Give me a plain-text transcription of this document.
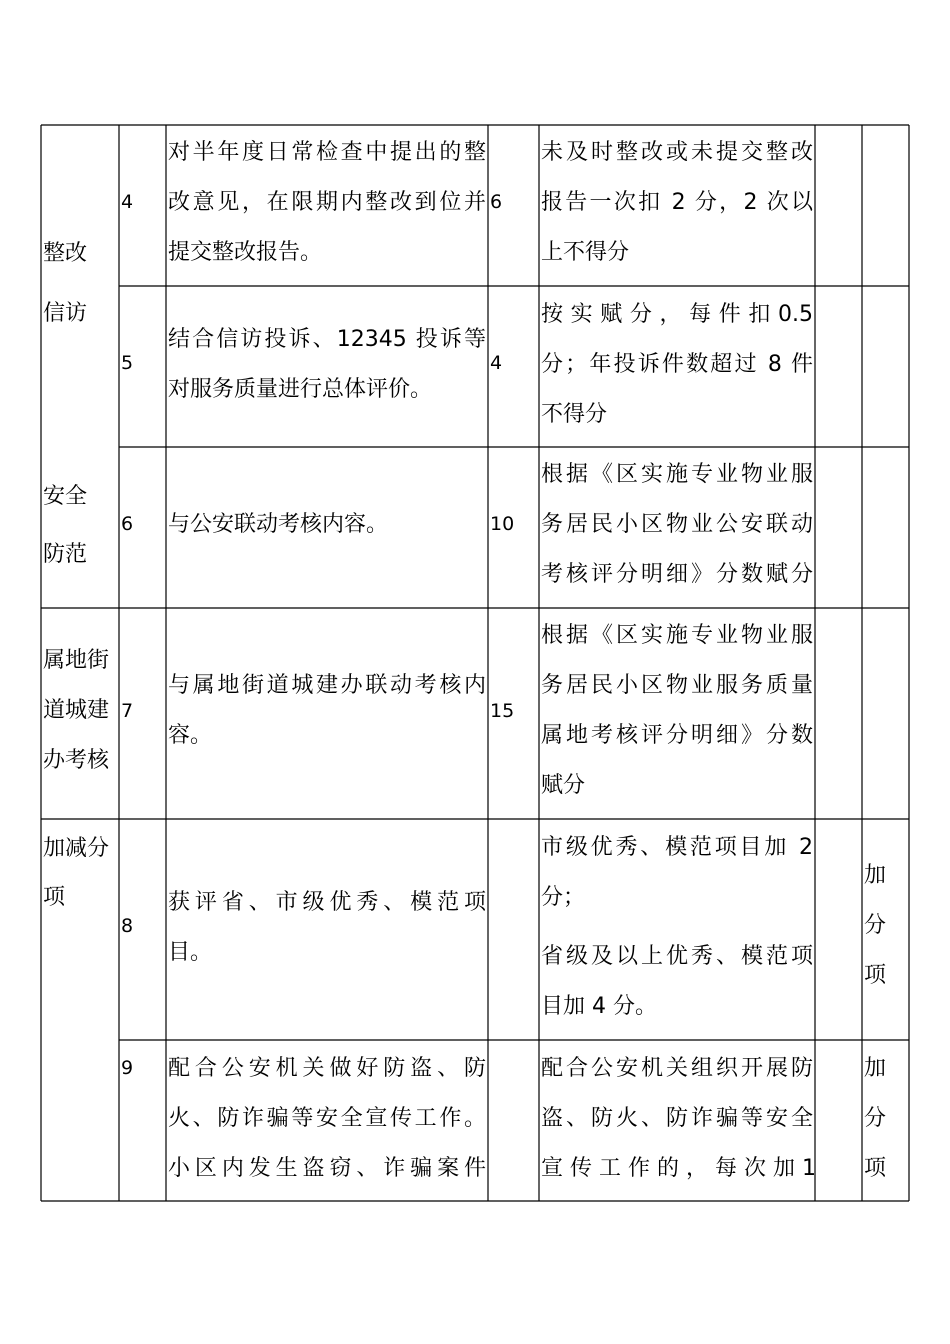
整改
信访
安全
防范
属地街
道城建
办考核
加减分
项
4
对半年度日常检查中提出的整
改意见，在限期内整改到位并
提交整改报告。
6
未及时整改或未提交整改
报告一次扣 2 分，2 次以
上不得分
5
结合信访投诉、12345 投诉等
对服务质量进行总体评价。
4
按 实 赋 分 ， 每 件 扣 0.5
分；年投诉件数超过 8 件
不得分
6 与公安联动考核内容。	10
根据《区实施专业物业服
务居民小区物业公安联动
考核评分明细》分数赋分
7
与属地街道城建办联动考核内
容。
15
根据《区实施专业物业服
务居民小区物业服务质量
属地考核评分明细》分数
赋分
8
获评省、市级优秀、模范项
目。
市级优秀、模范项目加 2
分；
省级及以上优秀、模范项
目加 4 分。
加
分
项
9 配合公安机关做好防盗、防
火、防诈骗等安全宣传工作。
小区内发生盗窃、诈骗案件
配合公安机关组织开展防
盗、防火、防诈骗等安全
宣 传 工 作 的 ， 每 次 加 1
加
分
项
